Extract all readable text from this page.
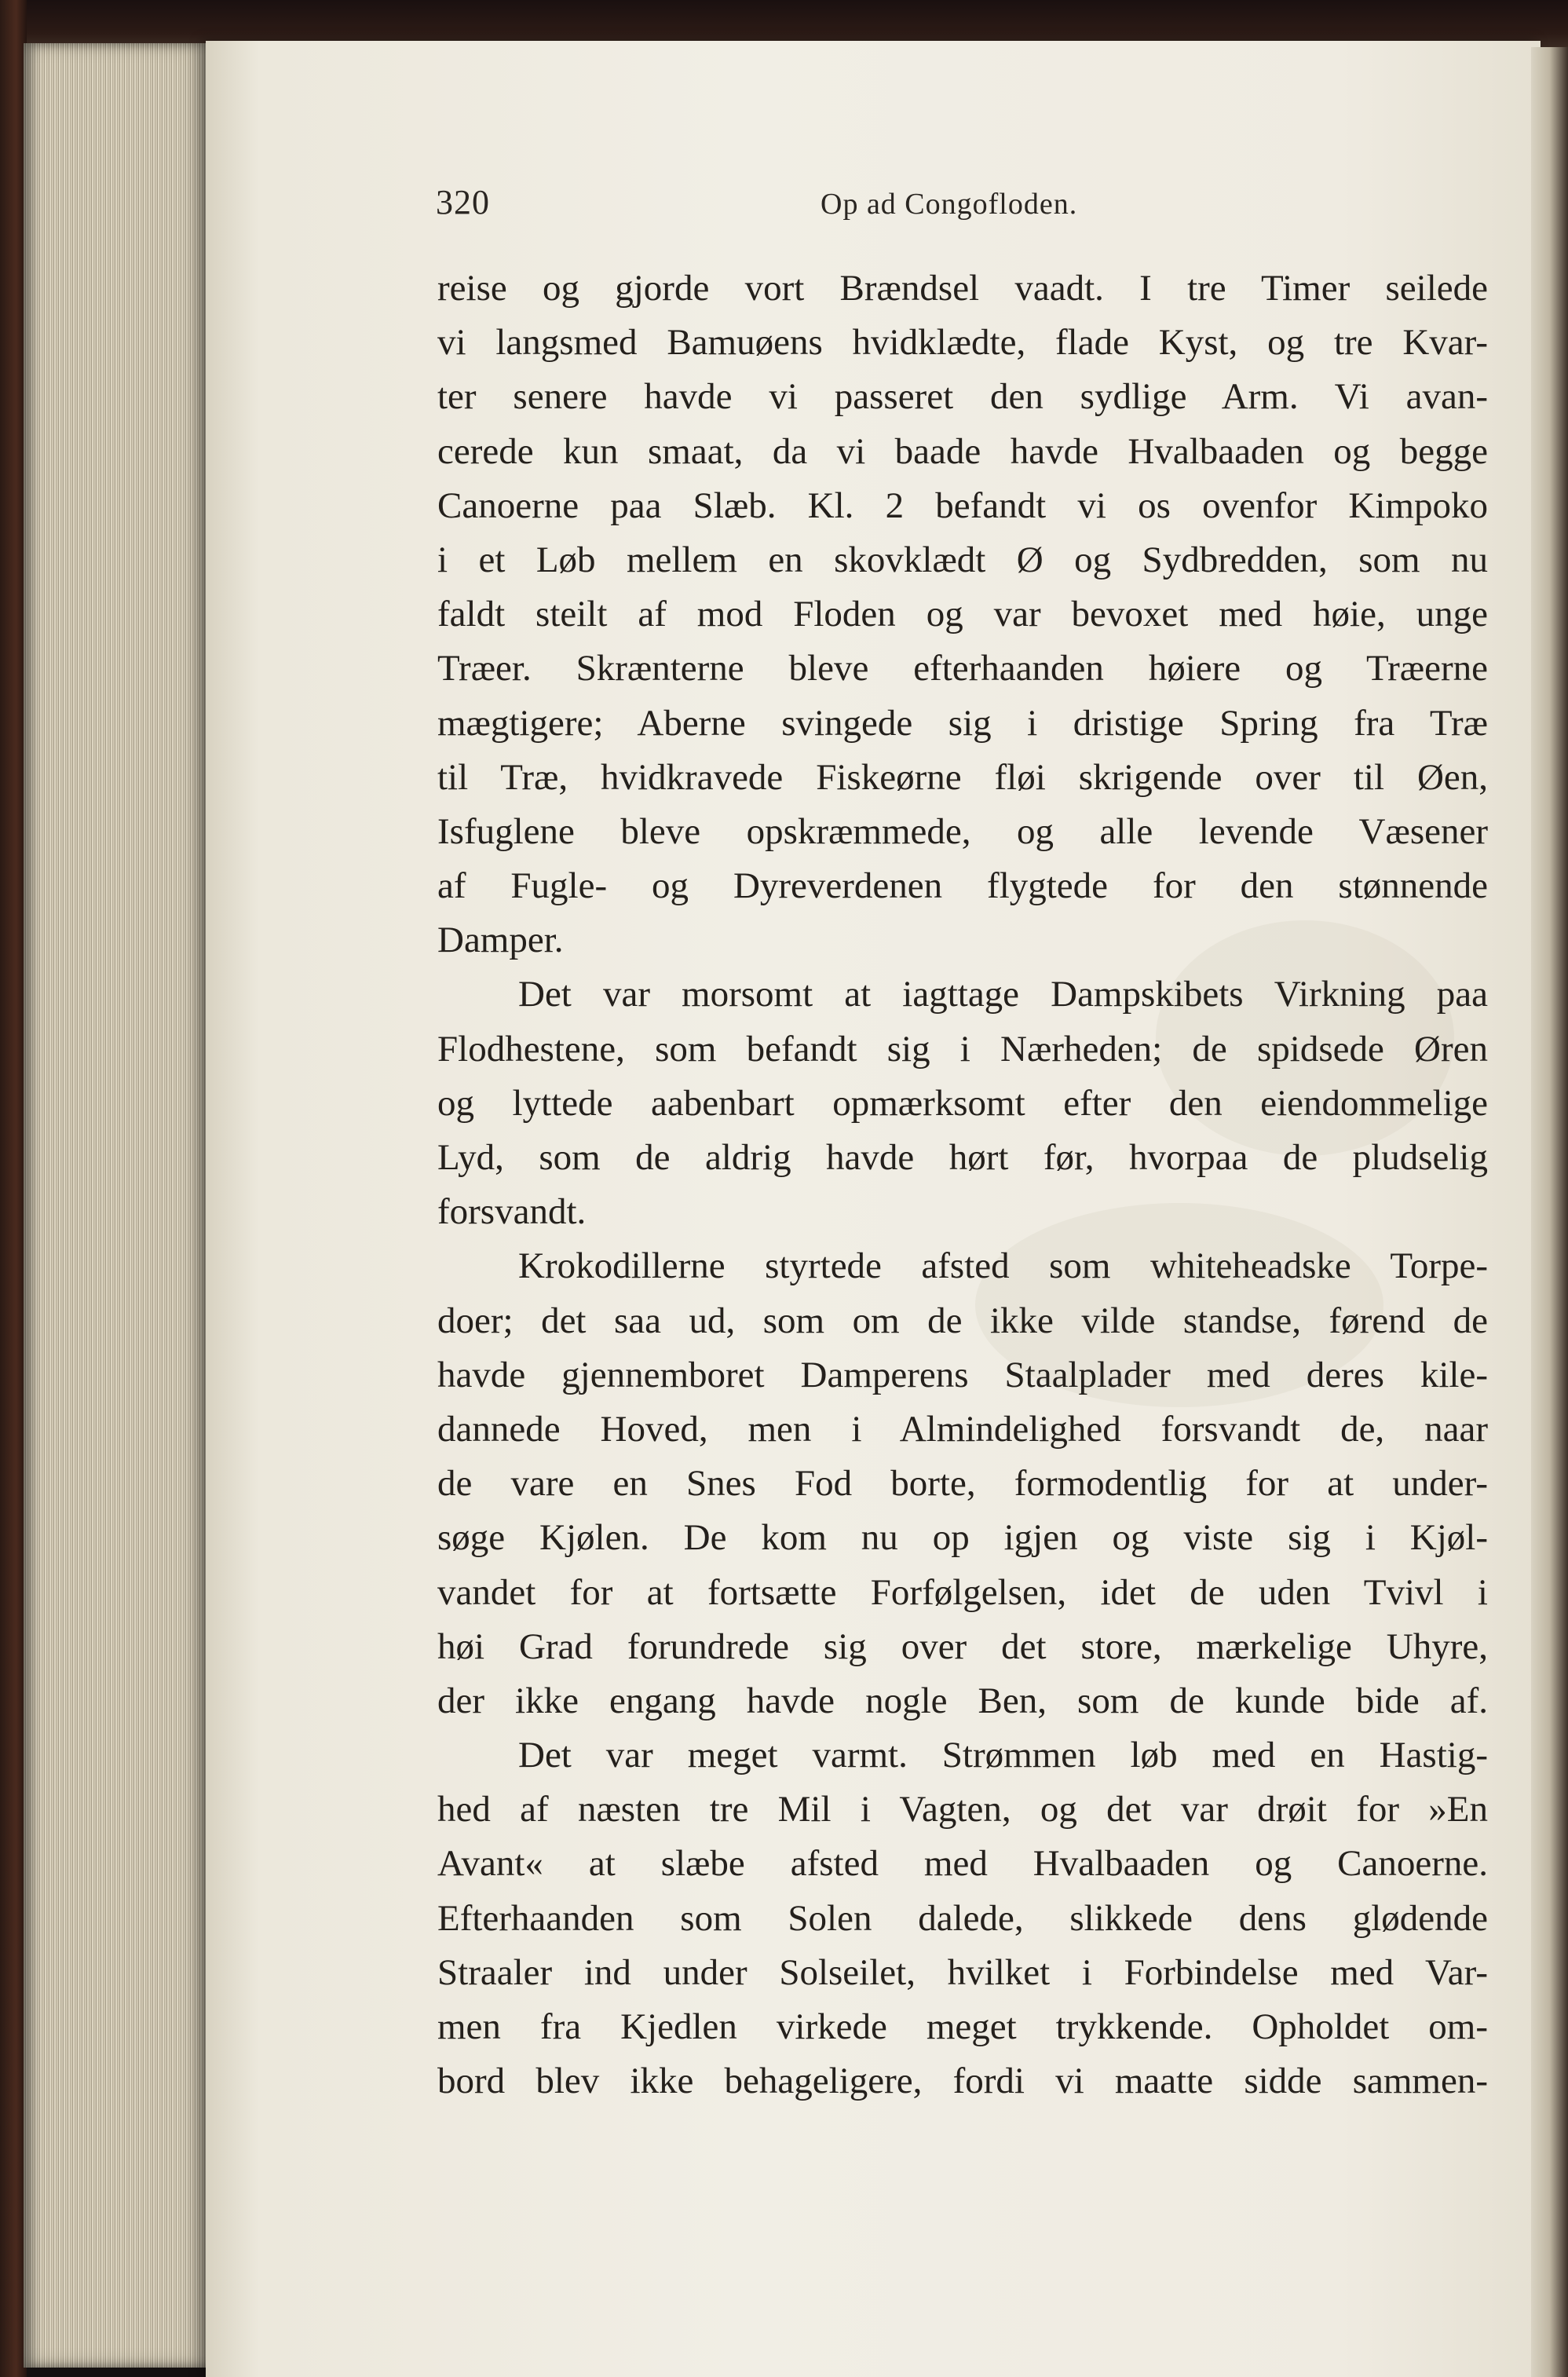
320	Op ad Congofloden.
reise og gjorde vort Brændsel vaadt. I tre Timer seilede
vi langsmed Bamuøens hvidklædte, flade Kyst, og tre Kvar-
ter senere havde vi passeret den sydlige Arm. Vi avan-
cerede kun smaat, da vi baade havde Hvalbaaden og begge
Canoerne paa Slæb. Kl. 2 befandt vi os ovenfor Kimpoko
i et Løb mellem en skovklædt Ø og Sydbredden, som nu
faldt steilt af mod Floden og var bevoxet med høie, unge
Træer. Skrænterne bleve efterhaanden høiere og Træerne
mægtigere; Aberne svingede sig i dristige Spring fra Træ
til Træ, hvidkravede Fiskeørne fløi skrigende over til Øen,
Isfuglene bleve opskræmmede, og alle levende Væsener
af Fugle- og Dyreverdenen flygtede for den stønnende
Damper.
Det var morsomt at iagttage Dampskibets Virkning paa
Flodhestene, som befandt sig i Nærheden; de spidsede Øren
og lyttede aabenbart opmærksomt efter den eiendommelige
Lyd, som de aldrig havde hørt før, hvorpaa de pludselig
forsvandt.
Krokodillerne styrtede afsted som whiteheadske Torpe-
doer; det saa ud, som om de ikke vilde standse, førend de
havde gjennemboret Damperens Staalplader med deres kile-
dannede Hoved, men i Almindelighed forsvandt de, naar
de vare en Snes Fod borte, formodentlig for at under-
søge Kjølen. De kom nu op igjen og viste sig i Kjøl-
vandet for at fortsætte Forfølgelsen, idet de uden Tvivl i
høi Grad forundrede sig over det store, mærkelige Uhyre,
der ikke engang havde nogle Ben, som de kunde bide af.
Det var meget varmt. Strømmen løb med en Hastig-
hed af næsten tre Mil i Vagten, og det var drøit for »En
Avant« at slæbe afsted med Hvalbaaden og Canoerne.
Efterhaanden som Solen dalede, slikkede dens glødende
Straaler ind under Solseilet, hvilket i Forbindelse med Var-
men fra Kjedlen virkede meget trykkende. Opholdet om-
bord blev ikke behageligere, fordi vi maatte sidde sammen-
